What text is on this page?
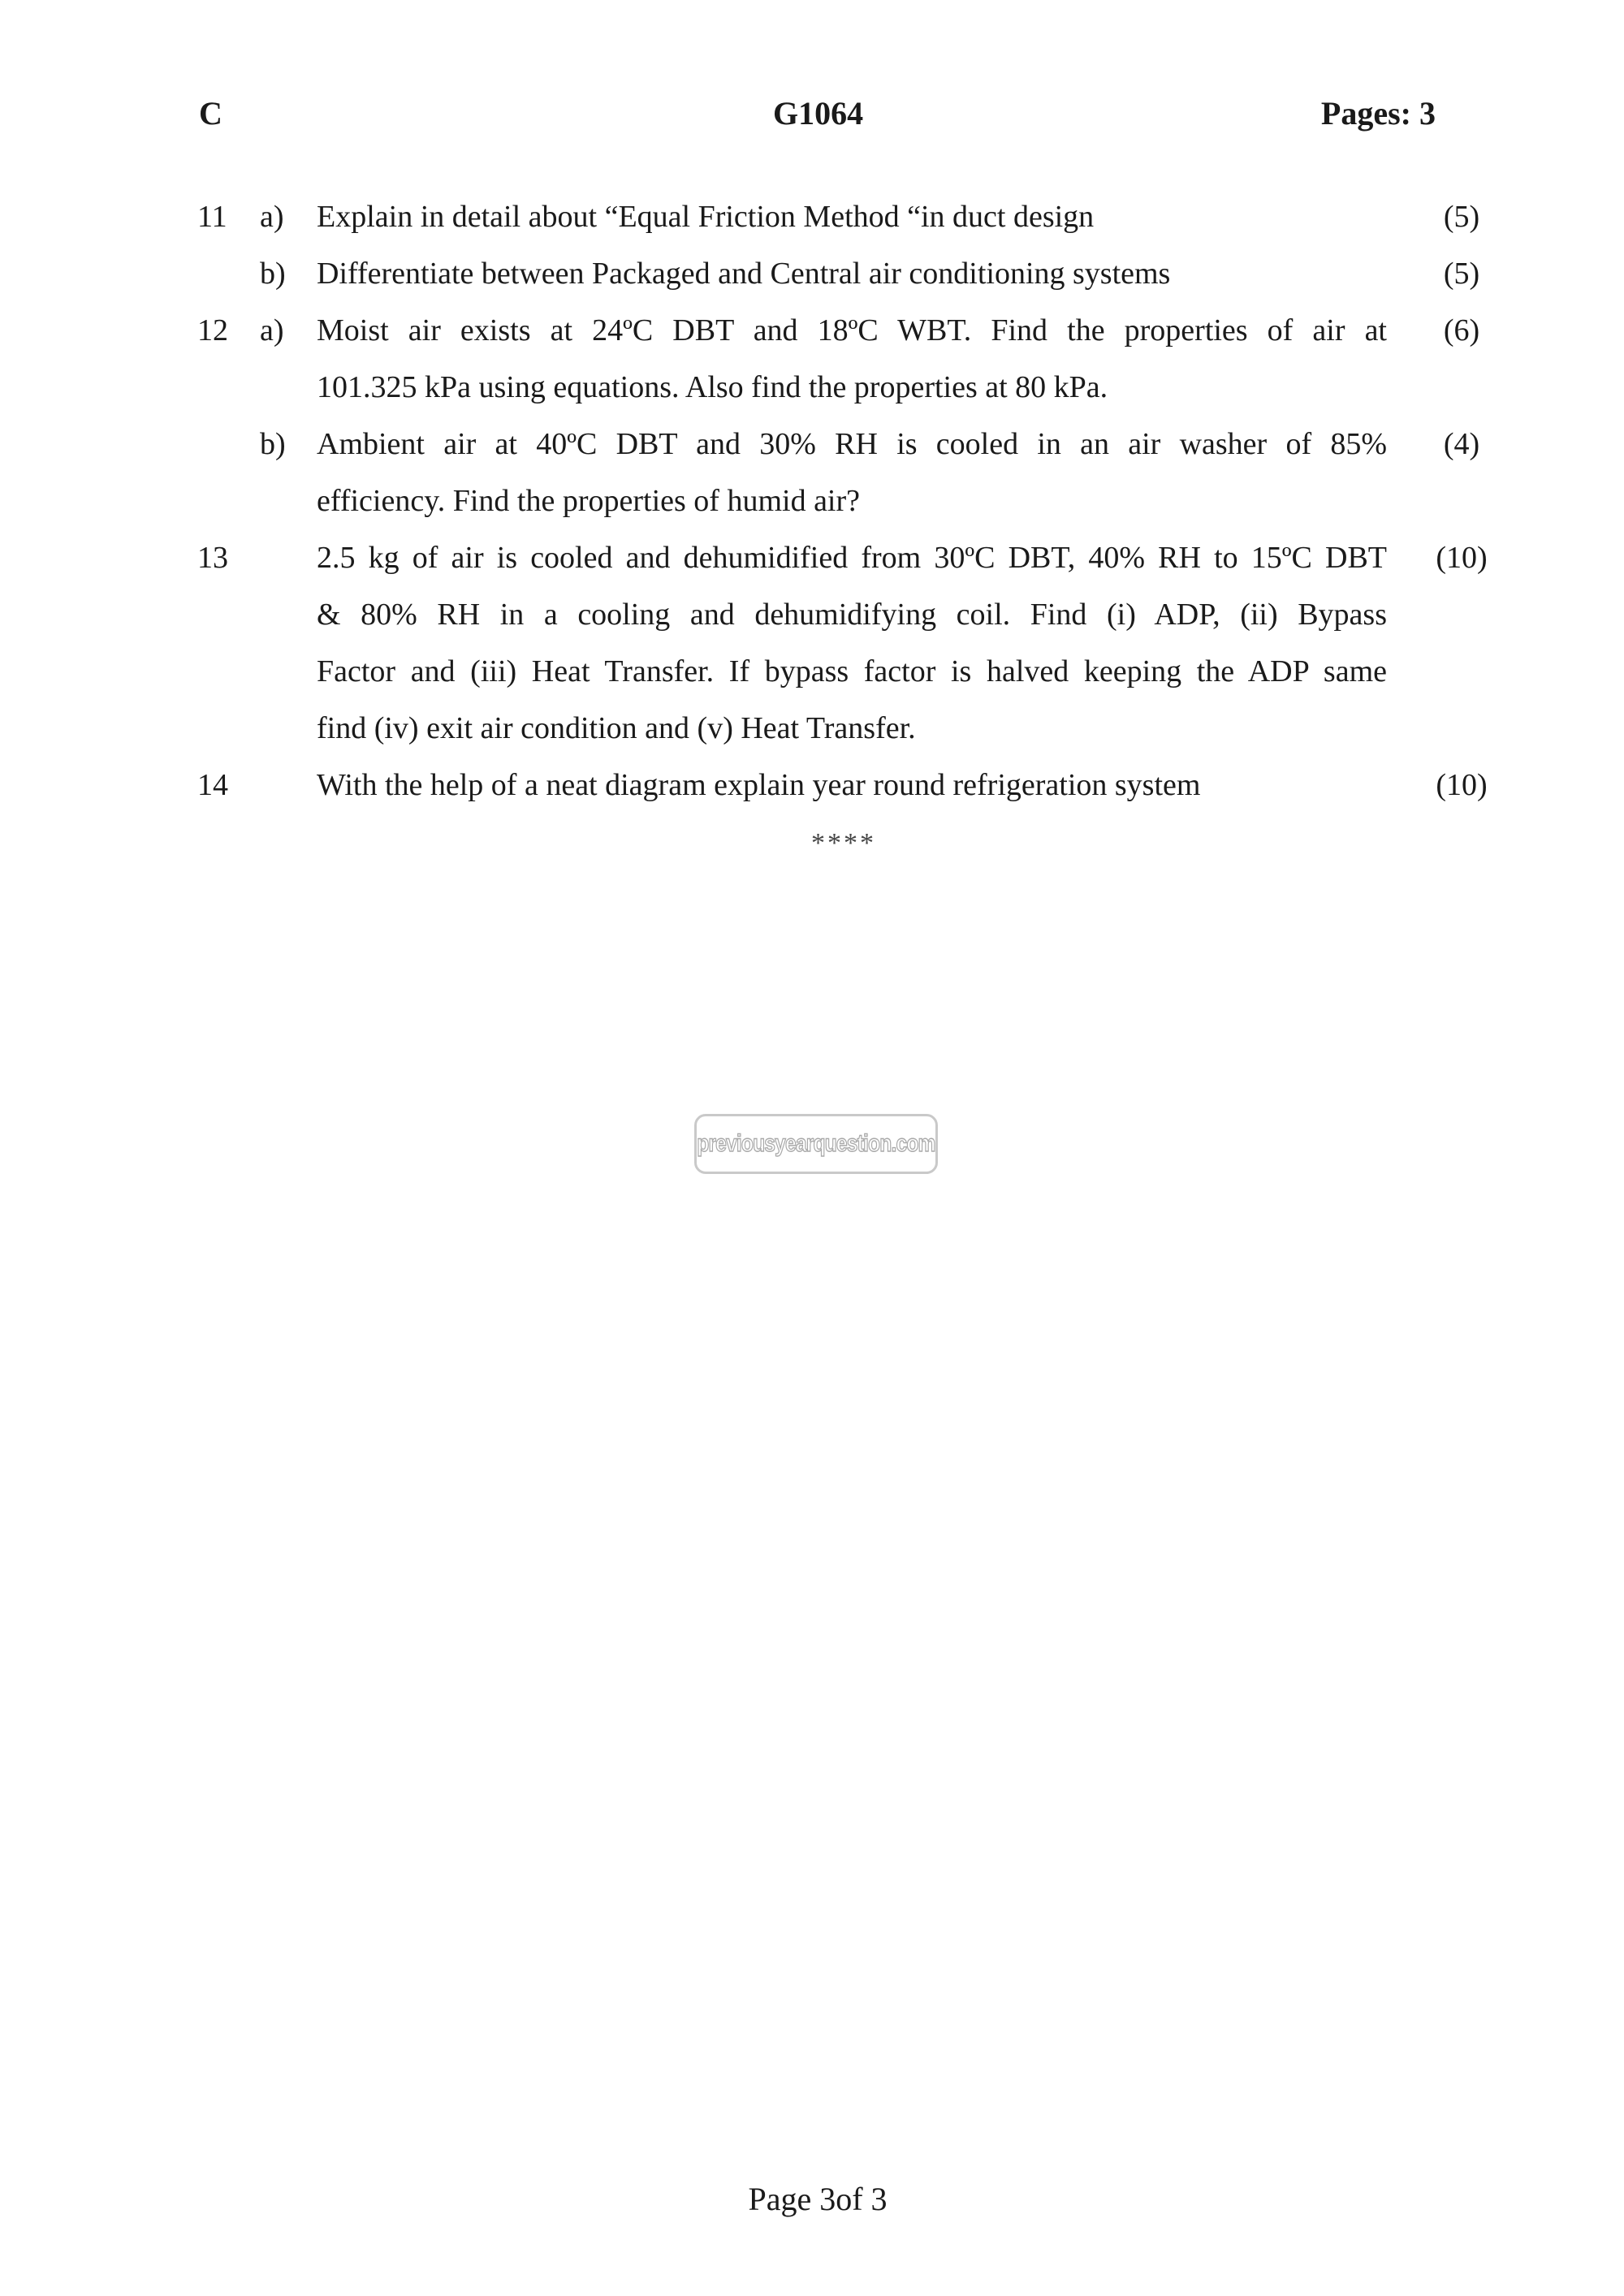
C	G1064	Pages: 3
11 a) Explain in detail about “Equal Friction Method “in duct design	(5)
b) Differentiate between Packaged and Central air conditioning systems	(5)
12 a) Moist air exists at 24ºC DBT and 18ºC WBT. Find the properties of air at	(6)
101.325 kPa using equations. Also find the properties at 80 kPa.
b) Ambient air at 40ºC DBT and 30% RH is cooled in an air washer of 85%	(4)
efficiency. Find the properties of humid air?
13	2.5 kg of air is cooled and dehumidified from 30ºC DBT, 40% RH to 15ºC DBT	(10)
& 80% RH in a cooling and dehumidifying coil. Find (i) ADP, (ii) Bypass
Factor and (iii) Heat Transfer. If bypass factor is halved keeping the ADP same
find (iv) exit air condition and (v) Heat Transfer.
14	With the help of a neat diagram explain year round refrigeration system	(10)
****
previousyearquestion.com
Page 3of 3
